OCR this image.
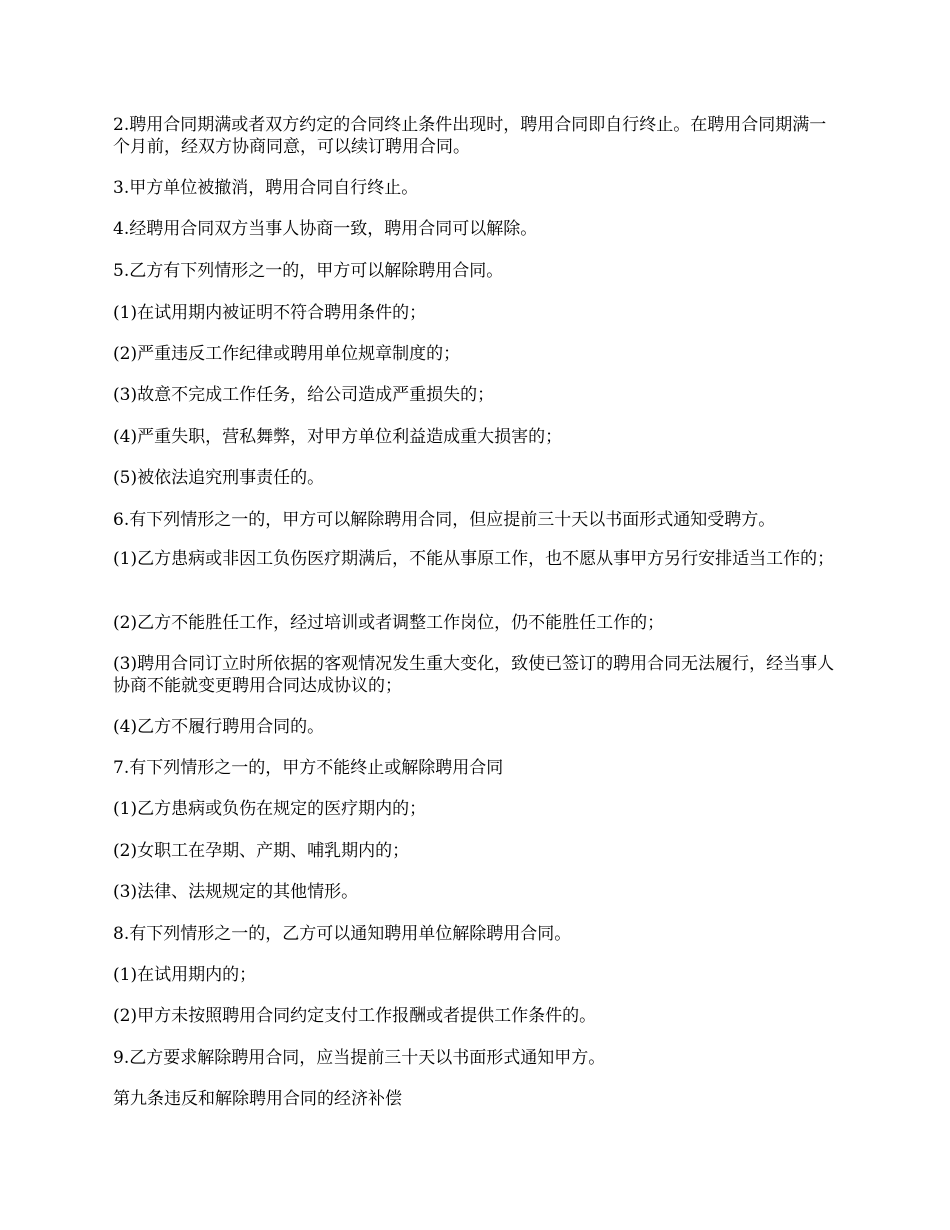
2.聘用合同期满或者双方约定的合同终止条件出现时，聘用合同即自行终止。在聘用合同期满一个月前，经双方协商同意，可以续订聘用合同。

3.甲方单位被撤消，聘用合同自行终止。

4.经聘用合同双方当事人协商一致，聘用合同可以解除。

5.乙方有下列情形之一的，甲方可以解除聘用合同。

(1)在试用期内被证明不符合聘用条件的；

(2)严重违反工作纪律或聘用单位规章制度的；

(3)故意不完成工作任务，给公司造成严重损失的；

(4)严重失职，营私舞弊，对甲方单位利益造成重大损害的；

(5)被依法追究刑事责任的。

6.有下列情形之一的，甲方可以解除聘用合同，但应提前三十天以书面形式通知受聘方。

(1)乙方患病或非因工负伤医疗期满后，不能从事原工作，也不愿从事甲方另行安排适当工作的；

(2)乙方不能胜任工作，经过培训或者调整工作岗位，仍不能胜任工作的；

(3)聘用合同订立时所依据的客观情况发生重大变化，致使已签订的聘用合同无法履行，经当事人协商不能就变更聘用合同达成协议的；

(4)乙方不履行聘用合同的。

7.有下列情形之一的，甲方不能终止或解除聘用合同

(1)乙方患病或负伤在规定的医疗期内的；

(2)女职工在孕期、产期、哺乳期内的；

(3)法律、法规规定的其他情形。

8.有下列情形之一的，乙方可以通知聘用单位解除聘用合同。

(1)在试用期内的；

(2)甲方未按照聘用合同约定支付工作报酬或者提供工作条件的。

9.乙方要求解除聘用合同，应当提前三十天以书面形式通知甲方。

第九条违反和解除聘用合同的经济补偿
